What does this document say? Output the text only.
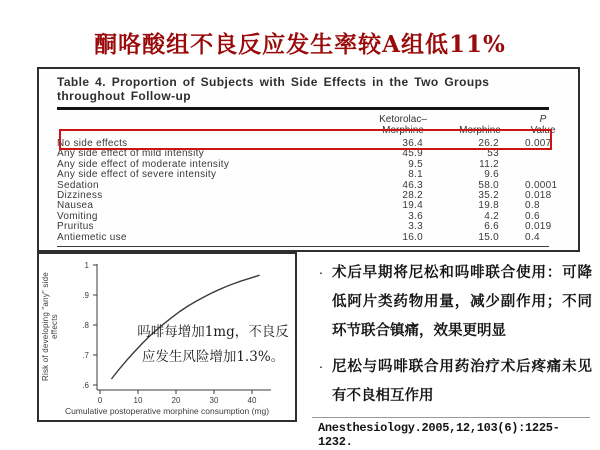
酮咯酸组不良反应发生率较A组低11%
Table 4. Proportion of Subjects with Side Effects in the Two Groups throughout Follow-up
Ketorolac–
Morphine	Morphine
P
Value
No side effects	36.4	26.2	0.007
Any side effect of mild intensity	45.9	53
Any side effect of moderate intensity	9.5	11.2
Any side effect of severe intensity	8.1	9.6
Sedation	46.3	58.0	0.0001
Dizziness	28.2	35.2	0.018
Nausea	19.4	19.8	0.8
Vomiting	3.6	4.2	0.6
Pruritus	3.3	6.6	0.019
Antiemetic use	16.0	15.0	0.4
1
.9
.8
.7
.6
0	10	20	30	40
Risk of developing "any" side effects
Cumulative postoperative morphine consumption (mg)
吗啡每增加1mg，不良反应发生风险增加1.3%。
· 术后早期将尼松和吗啡联合使用：可降低阿片类药物用量，减少副作用；不同环节联合镇痛，效果更明显
· 尼松与吗啡联合用药治疗术后疼痛未见有不良相互作用
Anesthesiology.2005,12,103(6):1225-1232.
